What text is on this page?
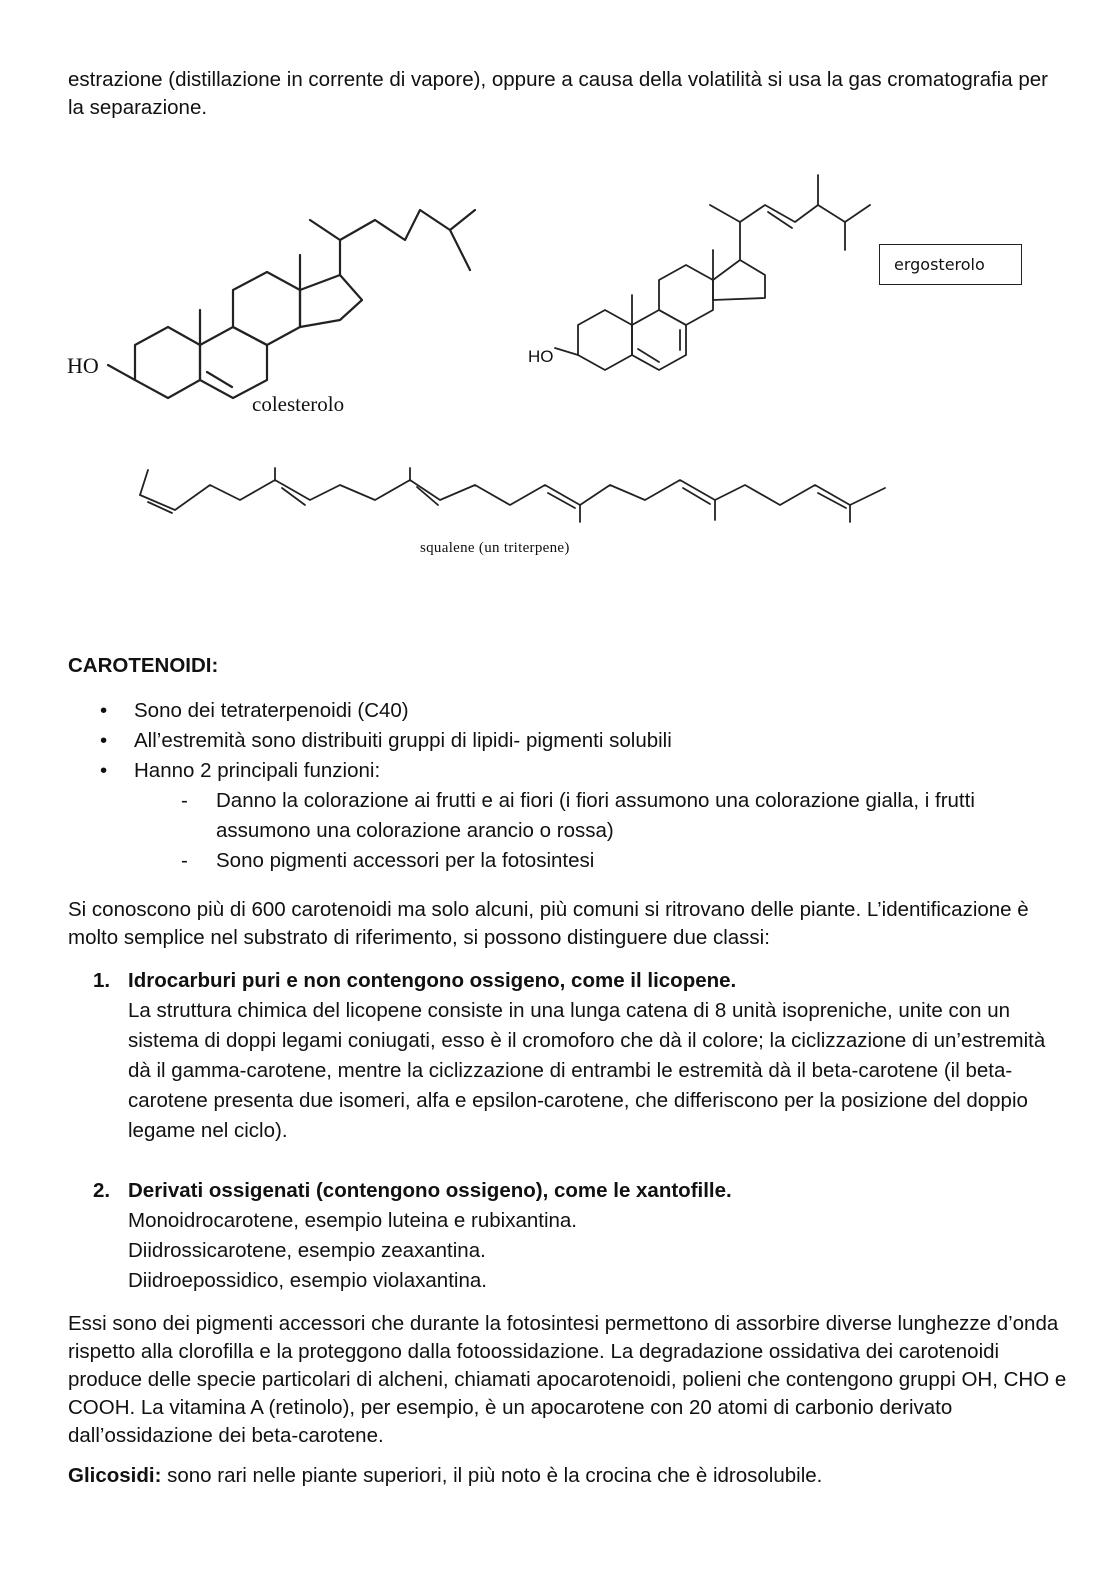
estrazione (distillazione in corrente di vapore), oppure a causa della volatilità si usa la gas cromatografia per la separazione.
HO
colesterolo
HO
ergosterolo
squalene (un triterpene)
CAROTENOIDI:
• Sono dei tetraterpenoidi (C40)
• All’estremità sono distribuiti gruppi di lipidi- pigmenti solubili
• Hanno 2 principali funzioni:
- Danno la colorazione ai frutti e ai fiori (i fiori assumono una colorazione gialla, i frutti assumono una colorazione arancio o rossa)
- Sono pigmenti accessori per la fotosintesi
Si conoscono più di 600 carotenoidi ma solo alcuni, più comuni si ritrovano delle piante. L’identificazione è molto semplice nel substrato di riferimento, si possono distinguere due classi:
1. Idrocarburi puri e non contengono ossigeno, come il licopene.
La struttura chimica del licopene consiste in una lunga catena di 8 unità isopreniche, unite con un sistema di doppi legami coniugati, esso è il cromoforo che dà il colore; la ciclizzazione di un’estremità dà il gamma-carotene, mentre la ciclizzazione di entrambi le estremità dà il beta-carotene (il beta-carotene presenta due isomeri, alfa e epsilon-carotene, che differiscono per la posizione del doppio legame nel ciclo).
2. Derivati ossigenati (contengono ossigeno), come le xantofille.
Monoidrocarotene, esempio luteina e rubixantina.
Diidrossicarotene, esempio zeaxantina.
Diidroepossidico, esempio violaxantina.
Essi sono dei pigmenti accessori che durante la fotosintesi permettono di assorbire diverse lunghezze d’onda rispetto alla clorofilla e la proteggono dalla fotoossidazione. La degradazione ossidativa dei carotenoidi produce delle specie particolari di alcheni, chiamati apocarotenoidi, polieni che contengono gruppi OH, CHO e COOH. La vitamina A (retinolo), per esempio, è un apocarotene con 20 atomi di carbonio derivato dall’ossidazione dei beta-carotene.
Glicosidi: sono rari nelle piante superiori, il più noto è la crocina che è idrosolubile.
